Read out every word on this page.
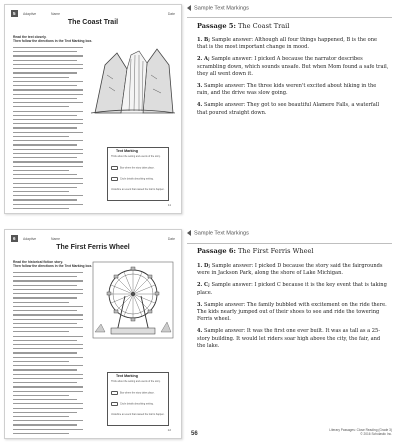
5	Adaptive	Name	Date
The Coast Trail
Read the text closely.
Then follow the directions in the Text Marking box.
Text Marking
Think about the setting and events of the story.
Box where the story takes place.
Circle details describing setting.
Underline an event that caused the trail to happen.
11
6	Adaptive	Name	Date
The First Ferris Wheel
Read the historical fiction story.
Then follow the directions in the Text Marking box.
Text Marking
Think about the setting and events of the story.
Box where the story takes place.
Circle details describing setting.
Underline an event that caused the trail to happen.
12
Sample Text Markings
Passage 5: The Coast Trail
1. B; Sample answer: Although all four things happened, B is the one that is the most important change in mood.
2. A; Sample answer: I picked A because the narrator describes scrambling down, which sounds unsafe. But when Mom found a safe trail, they all went down it.
3. Sample answer: The three kids weren't excited about hiking in the rain, and the drive was slow going.
4. Sample answer: They got to see beautiful Alamere Falls, a waterfall that poured straight down.
Sample Text Markings
Passage 6: The First Ferris Wheel
1. D; Sample answer: I picked D because the story said the fairgrounds were in Jackson Park, along the shore of Lake Michigan.
2. C; Sample answer: I picked C because it is the key event that is taking place.
3. Sample answer: The family bubbled with excitement on the ride there. The kids nearly jumped out of their shoes to see and ride the towering Ferris wheel.
4. Sample answer: It was the first one ever built. It was as tall as a 25-story building. It would let riders soar high above the city, the fair, and the lake.
56
Literary Passages: Close Reading (Grade 3)
© 2016 Scholastic Inc.
